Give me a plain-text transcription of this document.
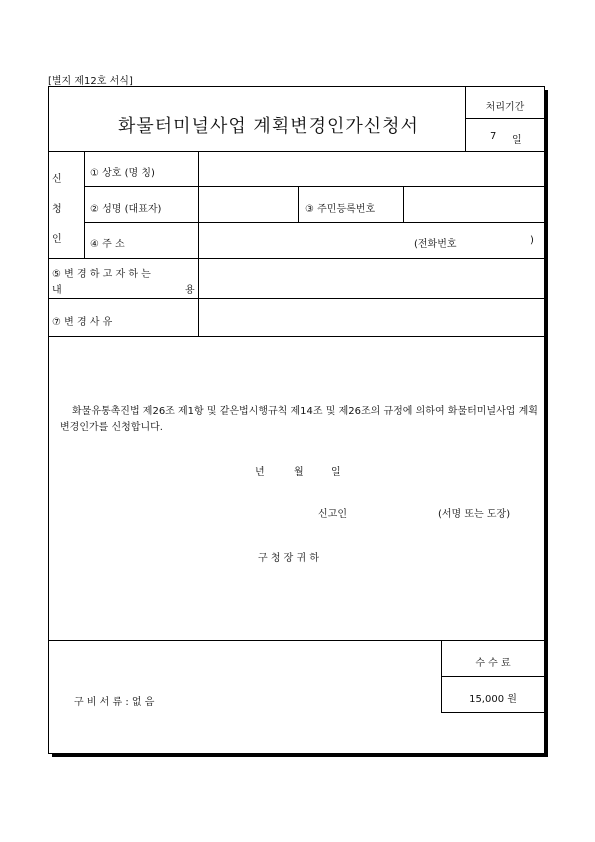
[별지 제12호 서식]
화물터미널사업 계획변경인가신청서
처리기간
7 일
신
청
인
① 상호 (명 칭)
② 성명 (대표자)	③ 주민등록번호
④ 주 소	(전화번호	)
⑤ 변 경 하 고 자 하 는
내	용
⑦ 변 경 사 유
화물유통촉진법 제26조 제1항 및 같은법시행규칙 제14조 및 제26조의 규정에 의하여 화물터미널사업 계획변경인가를 신청합니다.
년	월	일
신고인	(서명 또는 도장)
구 청 장 귀 하
구 비 서 류 : 없 음
수 수 료
15,000 원
